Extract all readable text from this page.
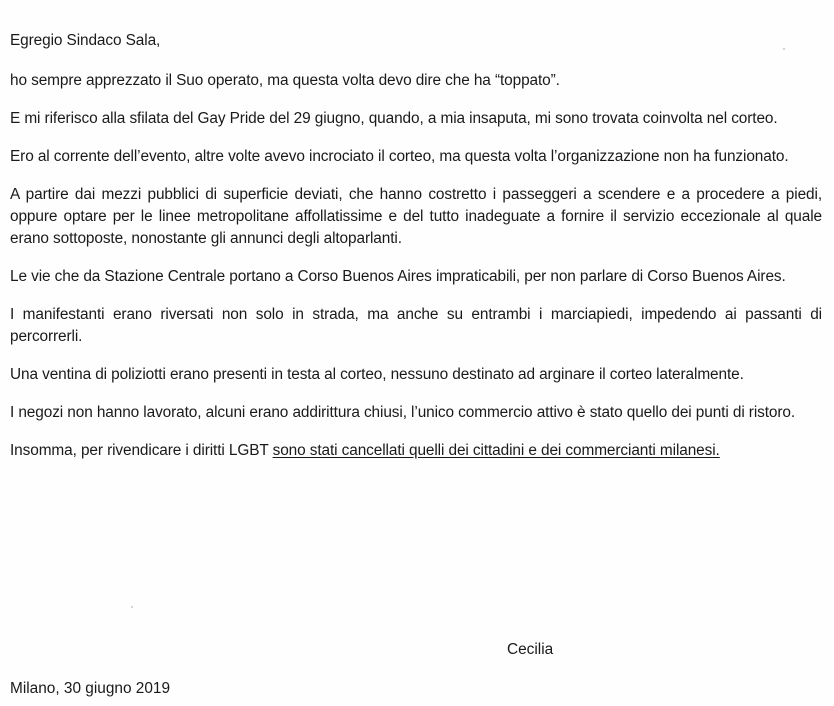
Egregio Sindaco Sala,

ho sempre apprezzato il Suo operato, ma questa volta devo dire che ha “toppato”.

E mi riferisco alla sfilata del Gay Pride del 29 giugno, quando, a mia insaputa, mi sono trovata coinvolta nel corteo.

Ero al corrente dell’evento, altre volte avevo incrociato il corteo, ma questa volta l’organizzazione non ha funzionato.

A partire dai mezzi pubblici di superficie deviati, che hanno costretto i passeggeri a scendere e a procedere a piedi, oppure optare per le linee metropolitane affollatissime e del tutto inadeguate a fornire il servizio eccezionale al quale erano sottoposte, nonostante gli annunci degli altoparlanti.

Le vie che da Stazione Centrale portano a Corso Buenos Aires impraticabili, per non parlare di Corso Buenos Aires.

I manifestanti erano riversati non solo in strada, ma anche su entrambi i marciapiedi, impedendo ai passanti di percorrerli.

Una ventina di poliziotti erano presenti in testa al corteo, nessuno destinato ad arginare il corteo lateralmente.

I negozi non hanno lavorato, alcuni erano addirittura chiusi, l’unico commercio attivo è stato quello dei punti di ristoro.

Insomma, per rivendicare i diritti LGBT sono stati cancellati quelli dei cittadini e dei commercianti milanesi.

Cecilia
Milano, 30 giugno 2019
